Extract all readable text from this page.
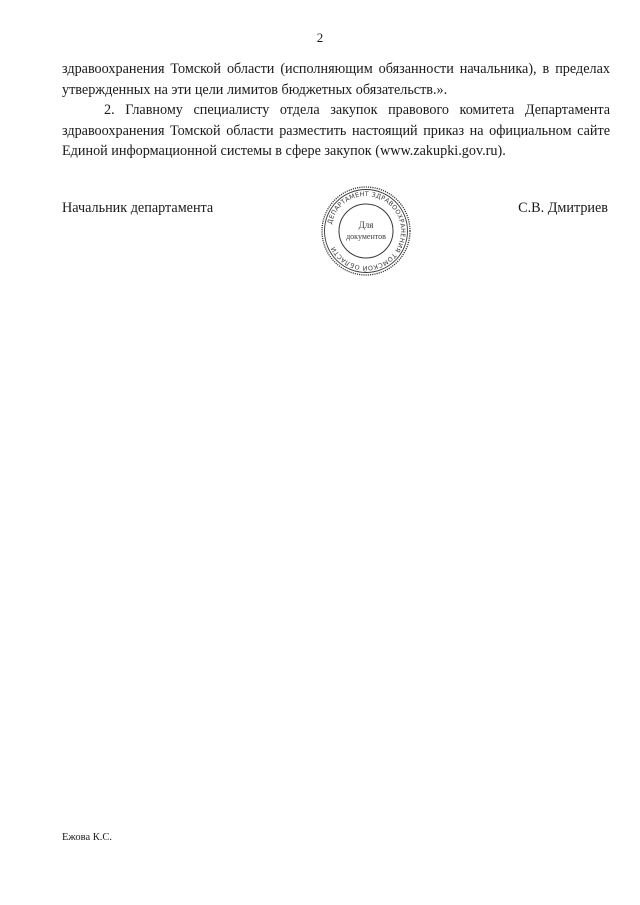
2

здравоохранения Томской области (исполняющим обязанности начальника), в пределах утвержденных на эти цели лимитов бюджетных обязательств.».

2. Главному специалисту отдела закупок правового комитета Департамента здравоохранения Томской области разместить настоящий приказ на официальном сайте Единой информационной системы в сфере закупок (www.zakupki.gov.ru).

Начальник департамента
ДЕПАРТАМЕНТ ЗДРАВООХРАНЕНИЯ ТОМСКОЙ ОБЛАСТИ
Для
документов
С.В. Дмитриев
Ежова К.С.
